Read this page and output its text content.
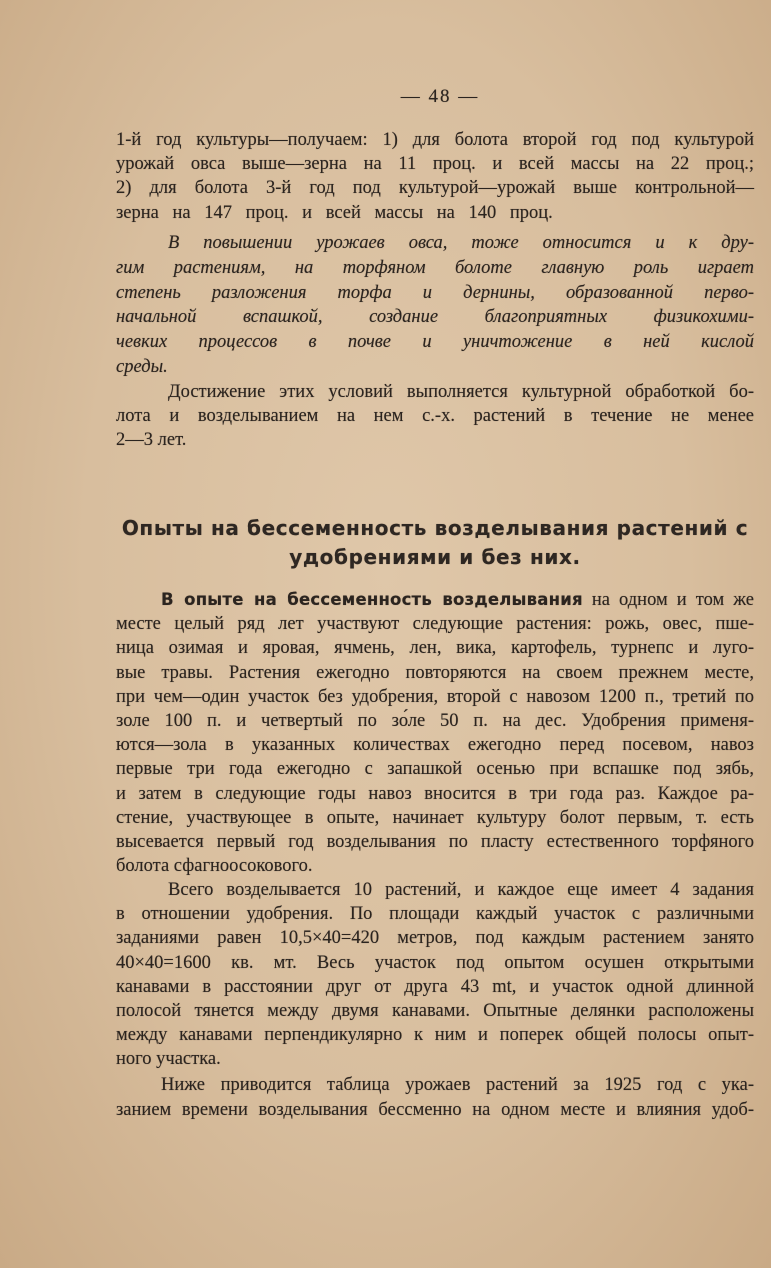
— 48 —
1-й год культуры—получаем: 1) для болота второй год под культурой
урожай овса выше—зерна на 11 проц. и всей массы на 22 проц.;
2) для болота 3-й год под культурой—урожай выше контрольной—
зерна на 147 проц. и всей массы на 140 проц.
В повышении урожаев овса, тоже относится и к дру-
гим растениям, на торфяном болоте главную роль играет
степень разложения торфа и дернины, образованной перво-
начальной вспашкой, создание благоприятных физикохими-
чевких процессов в почве и уничтожение в ней кислой
среды.
Достижение этих условий выполняется культурной обработкой бо-
лота и возделыванием на нем с.-х. растений в течение не менее
2—3 лет.
Опыты на бессеменность возделывания растений с
удобрениями и без них.
В опыте на бессеменность возделывания на одном и том же
месте целый ряд лет участвуют следующие растения: рожь, овес, пше-
ница озимая и яровая, ячмень, лен, вика, картофель, турнепс и луго-
вые травы. Растения ежегодно повторяются на своем прежнем месте,
при чем—один участок без удобрения, второй с навозом 1200 п., третий по
золе 100 п. и четвертый по зо́ле 50 п. на дес. Удобрения применя-
ются—зола в указанных количествах ежегодно перед посевом, навоз
первые три года ежегодно с запашкой осенью при вспашке под зябь,
и затем в следующие годы навоз вносится в три года раз. Каждое ра-
стение, участвующее в опыте, начинает культуру болот первым, т. есть
высевается первый год возделывания по пласту естественного торфяного
болота сфагноосокового.
Всего возделывается 10 растений, и каждое еще имеет 4 задания
в отношении удобрения. По площади каждый участок с различными
заданиями равен 10,5×40=420 метров, под каждым растением занято
40×40=1600 кв. мт. Весь участок под опытом осушен открытыми
канавами в расстоянии друг от друга 43 mt, и участок одной длинной
полосой тянется между двумя канавами. Опытные делянки расположены
между канавами перпендикулярно к ним и поперек общей полосы опыт-
ного участка.
Ниже приводится таблица урожаев растений за 1925 год с ука-
занием времени возделывания бессменно на одном месте и влияния удоб-
